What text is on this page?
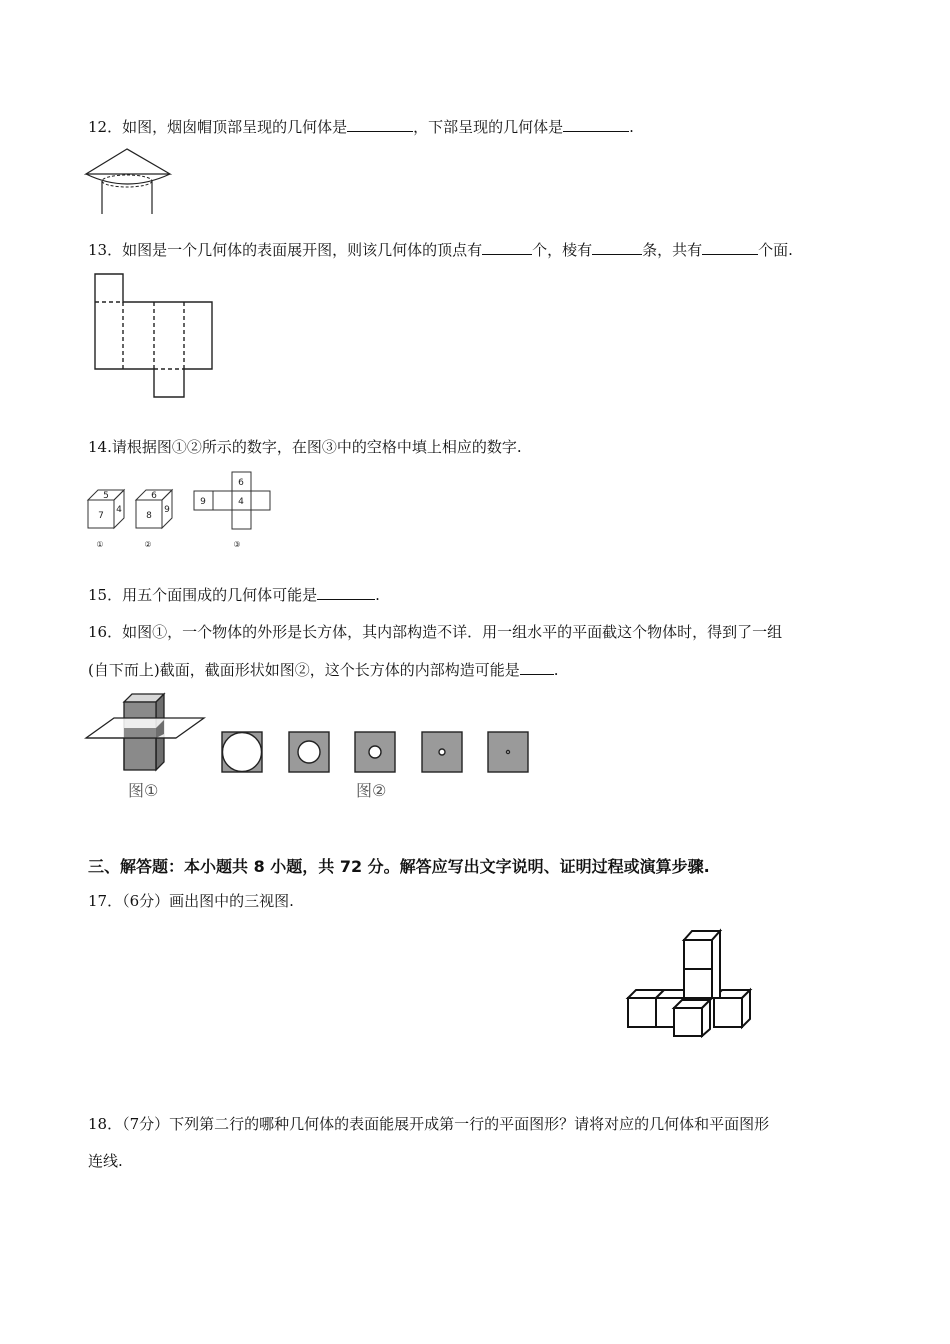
12．如图，烟囱帽顶部呈现的几何体是	，下部呈现的几何体是	.
13．如图是一个几何体的表面展开图，则该几何体的顶点有	个，棱有	条，共有	个面.
14.请根据图①②所示的数字，在图③中的空格中填上相应的数字.
5
7
4
6
8
9
6
9	4
①	②	③
15．用五个面围成的几何体可能是	.
16．如图①，一个物体的外形是长方体，其内部构造不详．用一组水平的平面截这个物体时，得到了一组
(自下而上)截面，截面形状如图②，这个长方体的内部构造可能是 .
图①	图②
三、解答题：本小题共 8 小题，共 72 分。解答应写出文字说明、证明过程或演算步骤.
17．（6分）画出图中的三视图.
18．（7分）下列第二行的哪种几何体的表面能展开成第一行的平面图形？请将对应的几何体和平面图形
连线.
